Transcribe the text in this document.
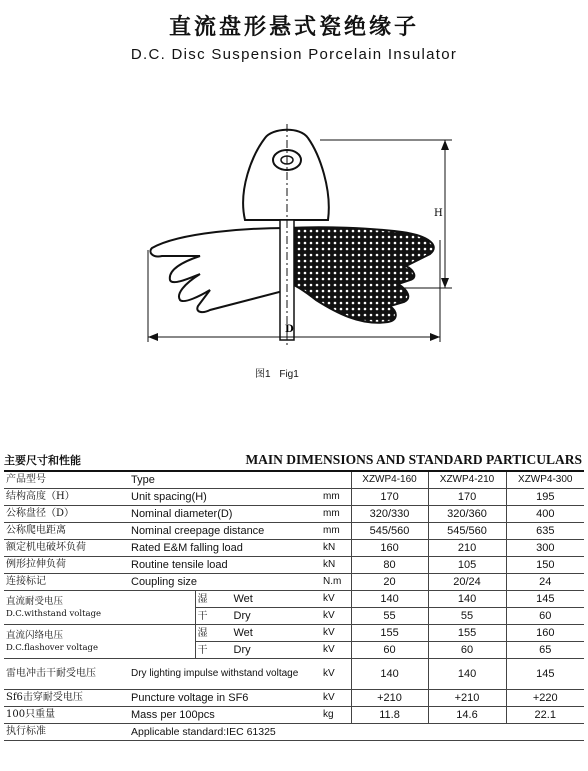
直流盘形悬式瓷绝缘子
D.C. Disc Suspension Porcelain Insulator
H
D
图1 Fig1
主要尺寸和性能	MAIN DIMENSIONS AND STANDARD PARTICULARS
产品型号	Type			XZWP4-160	XZWP4-210	XZWP4-300
结构高度（H）	Unit spacing(H)		mm	170	170	195
公称盘径（D）	Nominal diameter(D)		mm	320/330	320/360	400
公称爬电距离	Nominal creepage distance		mm	545/560	545/560	635
额定机电破坏负荷	Rated E&M falling load		kN	160	210	300
例形拉伸负荷	Routine tensile load		kN	80	105	150
连接标记	Coupling size		N.m	20	20/24	24

直流耐受电压
D.C.withstand voltage		湿 Wet	kV	140	140	145
		干 Dry	kV	55	55	60

直流闪络电压
D.C.flashover voltage		湿 Wet	kV	155	155	160
		干 Dry	kV	60	60	65
雷电冲击干耐受电压	Dry lighting impulse withstand voltage		kV	140	140	145
Sf6击穿耐受电压	Puncture voltage in SF6		kV	+210	+210	+220
100只重量	Mass per 100pcs		kg	11.8	14.6	22.1
执行标准	Applicable standard:IEC 61325					
